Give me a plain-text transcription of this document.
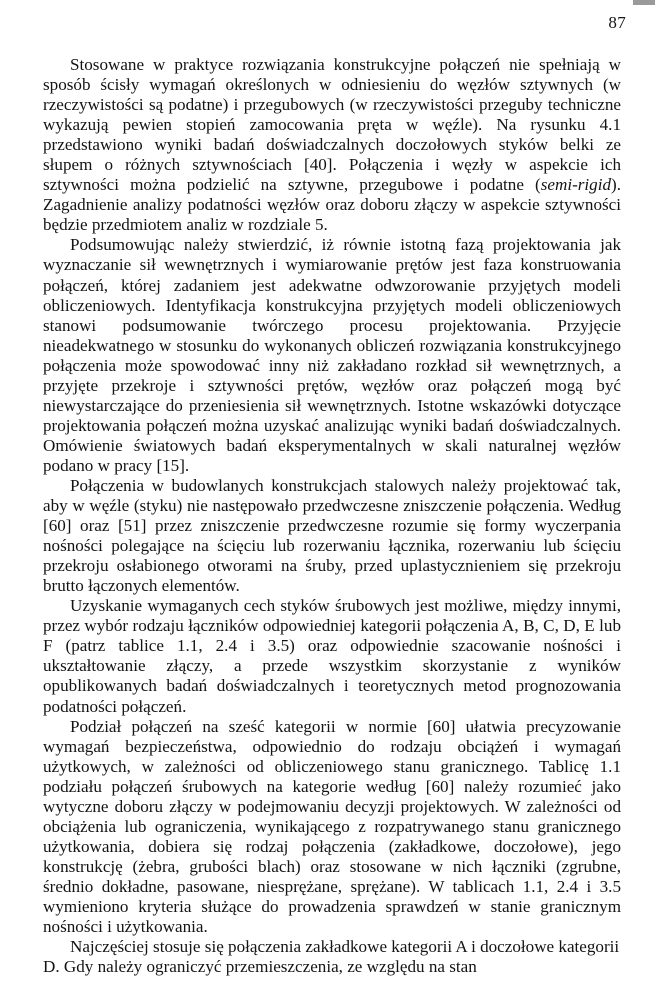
87

Stosowane w praktyce rozwiązania konstrukcyjne połączeń nie spełniają w sposób ścisły wymagań określonych w odniesieniu do węzłów sztywnych (w rzeczywistości są podatne) i przegubowych (w rzeczywistości przeguby techniczne wykazują pewien stopień zamocowania pręta w węźle). Na rysunku 4.1 przedstawiono wyniki badań doświadczalnych doczołowych styków belki ze słupem o różnych sztywnościach [40]. Połączenia i węzły w aspekcie ich sztywności można podzielić na sztywne, przegubowe i podatne (semi-rigid). Zagadnienie analizy podatności węzłów oraz doboru złączy w aspekcie sztywności będzie przedmiotem analiz w rozdziale 5.

Podsumowując należy stwierdzić, iż równie istotną fazą projektowania jak wyznaczanie sił wewnętrznych i wymiarowanie prętów jest faza konstruowania połączeń, której zadaniem jest adekwatne odwzorowanie przyjętych modeli obliczeniowych. Identyfikacja konstrukcyjna przyjętych modeli obliczeniowych stanowi podsumowanie twórczego procesu projektowania. Przyjęcie nieadekwatnego w stosunku do wykonanych obliczeń rozwiązania konstrukcyjnego połączenia może spowodować inny niż zakładano rozkład sił wewnętrznych, a przyjęte przekroje i sztywności prętów, węzłów oraz połączeń mogą być niewystarczające do przeniesienia sił wewnętrznych. Istotne wskazówki dotyczące projektowania połączeń można uzyskać analizując wyniki badań doświadczalnych. Omówienie światowych badań eksperymentalnych w skali naturalnej węzłów podano w pracy [15].

Połączenia w budowlanych konstrukcjach stalowych należy projektować tak, aby w węźle (styku) nie następowało przedwczesne zniszczenie połączenia. Według [60] oraz [51] przez zniszczenie przedwczesne rozumie się formy wyczerpania nośności polegające na ścięciu lub rozerwaniu łącznika, rozerwaniu lub ścięciu przekroju osłabionego otworami na śruby, przed uplastycznieniem się przekroju brutto łączonych elementów.

Uzyskanie wymaganych cech styków śrubowych jest możliwe, między innymi, przez wybór rodzaju łączników odpowiedniej kategorii połączenia A, B, C, D, E lub F (patrz tablice 1.1, 2.4 i 3.5) oraz odpowiednie szacowanie nośności i ukształtowanie złączy, a przede wszystkim skorzystanie z wyników opublikowanych badań doświadczalnych i teoretycznych metod prognozowania podatności połączeń.

Podział połączeń na sześć kategorii w normie [60] ułatwia precyzowanie wymagań bezpieczeństwa, odpowiednio do rodzaju obciążeń i wymagań użytkowych, w zależności od obliczeniowego stanu granicznego. Tablicę 1.1 podziału połączeń śrubowych na kategorie według [60] należy rozumieć jako wytyczne doboru złączy w podejmowaniu decyzji projektowych. W zależności od obciążenia lub ograniczenia, wynikającego z rozpatrywanego stanu granicznego użytkowania, dobiera się rodzaj połączenia (zakładkowe, doczołowe), jego konstrukcję (żebra, grubości blach) oraz stosowane w nich łączniki (zgrubne, średnio dokładne, pasowane, niesprężane, sprężane). W tablicach 1.1, 2.4 i 3.5 wymieniono kryteria służące do prowadzenia sprawdzeń w stanie granicznym nośności i użytkowania.

Najczęściej stosuje się połączenia zakładkowe kategorii A i doczołowe kategorii D. Gdy należy ograniczyć przemieszczenia, ze względu na stan
